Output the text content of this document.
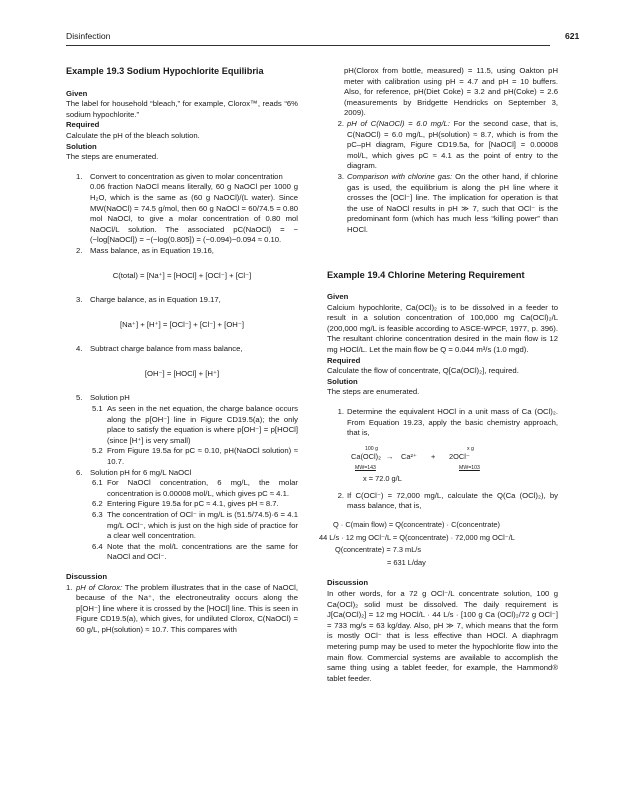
Disinfection	621

Example 19.3 Sodium Hypochlorite Equilibria

Given

The label for household “bleach,” for example, Clorox™, reads “6% sodium hypochlorite.”

Required

Calculate the pH of the bleach solution.

Solution

The steps are enumerated.

1. Convert to concentration as given to molar concentration
0.06 fraction NaOCl means literally, 60 g NaOCl per 1000 g H₂O, which is the same as (60 g NaOCl)/(L water). Since MW(NaOCl) = 74.5 g/mol, then 60 g NaOCl = 60/74.5 = 0.80 mol NaOCl, to give a molar concentration of 0.80 mol NaOCl/L solution. The associated pC(NaOCl) = −(−log[NaOCl]) = −(−log(0.805]) = (−0.094)−0.094 ≈ 0.10.
2. Mass balance, as in Equation 19.16,

C(total) = [Na⁺] = [HOCl] + [OCl⁻] + [Cl⁻]

3. Charge balance, as in Equation 19.17,

[Na⁺] + [H⁺] = [OCl⁻] + [Cl⁻] + [OH⁻]

4. Subtract charge balance from mass balance,

[OH⁻] = [HOCl] + [H⁺]

5. Solution pH
5.1 As seen in the net equation, the charge balance occurs along the p[OH⁻] line in Figure CD19.5(a); the only place to satisfy the equation is where p[OH⁻] = p[HOCl] (since [H⁺] is very small)
5.2 From Figure 19.5a for pC ≈ 0.10, pH(NaOCl solution) ≈ 10.7.
6. Solution pH for 6 mg/L NaOCl
6.1 For NaOCl concentration, 6 mg/L, the molar concentration is 0.00008 mol/L, which gives pC ≈ 4.1.
6.2 Entering Figure 19.5a for pC ≈ 4.1, gives pH ≈ 8.7.
6.3 The concentration of OCl⁻ in mg/L is (51.5/74.5)·6 = 4.1 mg/L OCl⁻, which is just on the high side of practice for a clear well concentration.
6.4 Note that the mol/L concentrations are the same for NaOCl and OCl⁻.

Discussion

1. pH of Clorox: The problem illustrates that in the case of NaOCl, because of the Na⁺, the electroneutrality occurs along the p[OH⁻] line where it is crossed by the [HOCl] line. This is seen in Figure CD19.5(a), which gives, for undiluted Clorox, C(NaOCl) = 60 g/L, pH(solution) ≈ 10.7. This compares with

pH(Clorox from bottle, measured) = 11.5, using Oakton pH meter with calibration using pH = 4.7 and pH = 10 buffers. Also, for reference, pH(Diet Coke) = 3.2 and pH(Coke) = 2.6 (measurements by Bridgette Hendricks on September 3, 2009).

2. pH of C(NaOCl) = 6.0 mg/L: For the second case, that is, C(NaOCl) = 6.0 mg/L, pH(solution) ≈ 8.7, which is from the pC–pH diagram, Figure CD19.5a, for [NaOCl] = 0.00008 mol/L, which gives pC ≈ 4.1 as the point of entry to the diagram.
3. Comparison with chlorine gas: On the other hand, if chlorine gas is used, the equilibrium is along the pH line where it crosses the [OCl⁻] line. The implication for operation is that the use of NaOCl results in pH ≫ 7, such that OCl⁻ is the predominant form (which has much less “killing power” than HOCl.

Example 19.4 Chlorine Metering Requirement

Given

Calcium hypochlorite, Ca(OCl)₂ is to be dissolved in a feeder to result in a solution concentration of 100,000 mg Ca(OCl)₂/L (200,000 mg/L is feasible according to ASCE-WPCF, 1977, p. 396). The resultant chlorine concentration desired in the main flow is 12 mg HOCl/L. Let the main flow be Q = 0.044 m³/s (1.0 mgd).

Required

Calculate the flow of concentrate, Q[Ca(OCl)₂], required.

Solution

The steps are enumerated.

1. Determine the equivalent HOCl in a unit mass of Ca (OCl)₂. From Equation 19.23, apply the basic chemistry approach, that is,
100 g	x g
Ca(OCl)₂ → Ca²⁺ + 2OCl⁻
MW=143	MW=103
x = 72.0 g/L
2. If C(OCl⁻) = 72,000 mg/L, calculate the Q(Ca (OCl)₂), by mass balance, that is,

Q · C(main flow) = Q(concentrate) · C(concentrate)

44 L/s · 12 mg OCl⁻/L = Q(concentrate) · 72,000 mg OCl⁻/L

Q(concentrate) = 7.3 mL/s

= 631 L/day

Discussion

In other words, for a 72 g OCl⁻/L concentrate solution, 100 g Ca(OCl)₂ solid must be dissolved. The daily requirement is J[Ca(OCl)₂] = 12 mg HOCl/L · 44 L/s · [100 g Ca (OCl)₂/72 g OCl⁻] = 733 mg/s = 63 kg/day. Also, pH ≫ 7, which means that the form is mostly OCl⁻ that is less effective than HOCl. A diaphragm metering pump may be used to meter the hypochlorite flow into the main flow. Commercial systems are available to accomplish the same thing using a tablet feeder, for example, the Hammond® tablet feeder.
